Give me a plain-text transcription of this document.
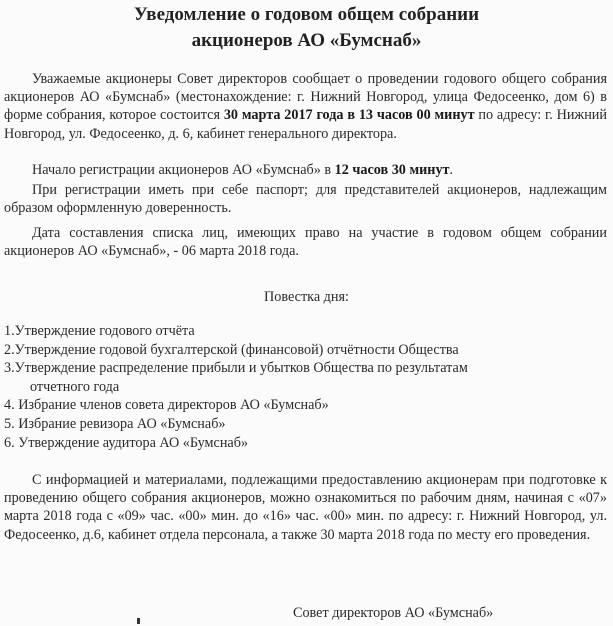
Уведомление о годовом общем собрании
акционеров АО «Бумснаб»
Уважаемые акционеры Совет директоров сообщает о проведении годового общего собрания акционеров АО «Бумснаб» (местонахождение: г. Нижний Новгород, улица Федосеенко, дом 6) в форме собрания, которое состоится 30 марта 2017 года в 13 часов 00 минут по адресу: г. Нижний Новгород, ул. Федосеенко, д. 6, кабинет генерального директора.
Начало регистрации акционеров АО «Бумснаб» в 12 часов 30 минут.
При регистрации иметь при себе паспорт; для представителей акционеров, надлежащим образом оформленную доверенность.
Дата составления списка лиц, имеющих право на участие в годовом общем собрании акционеров АО «Бумснаб», - 06 марта 2018 года.
Повестка дня:
1.Утверждение годового отчёта
2.Утверждение годовой бухгалтерской (финансовой) отчётности Общества
3.Утверждение распределение прибыли и убытков Общества по результатам
отчетного года
4. Избрание членов совета директоров АО «Бумснаб»
5. Избрание ревизора АО «Бумснаб»
6. Утверждение аудитора АО «Бумснаб»
С информацией и материалами, подлежащими предоставлению акционерам при подготовке к проведению общего собрания акционеров, можно ознакомиться по рабочим дням, начиная с «07» марта 2018 года с «09» час. «00» мин. до «16» час. «00» мин. по адресу: г. Нижний Новгород, ул. Федосеенко, д.6, кабинет отдела персонала, а также 30 марта 2018 года по месту его проведения.
Совет директоров АО «Бумснаб»
